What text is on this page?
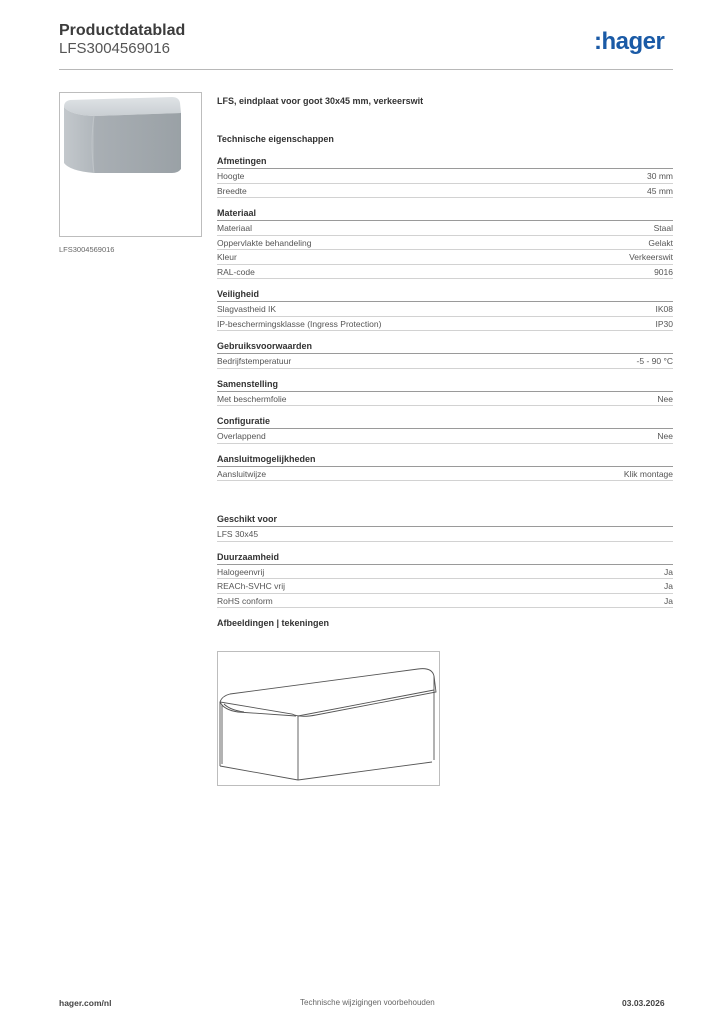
Productdatablad
LFS3004569016	:hager
LFS3004569016
LFS, eindplaat voor goot 30x45 mm, verkeerswit
Technische eigenschappen
Afmetingen
Hoogte	30 mm
Breedte	45 mm
Materiaal
Materiaal	Staal
Oppervlakte behandeling	Gelakt
Kleur	Verkeerswit
RAL-code	9016
Veiligheid
Slagvastheid IK	IK08
IP-beschermingsklasse (Ingress Protection)	IP30
Gebruiksvoorwaarden
Bedrijfstemperatuur	-5 - 90 °C
Samenstelling
Met beschermfolie	Nee
Configuratie
Overlappend	Nee
Aansluitmogelijkheden
Aansluitwijze	Klik montage
Geschikt voor
LFS 30x45
Duurzaamheid
Halogeenvrij	Ja
REACh-SVHC vrij	Ja
RoHS conform	Ja
Afbeeldingen | tekeningen
hager.com/nl	Technische wijzigingen voorbehouden	03.03.2026
